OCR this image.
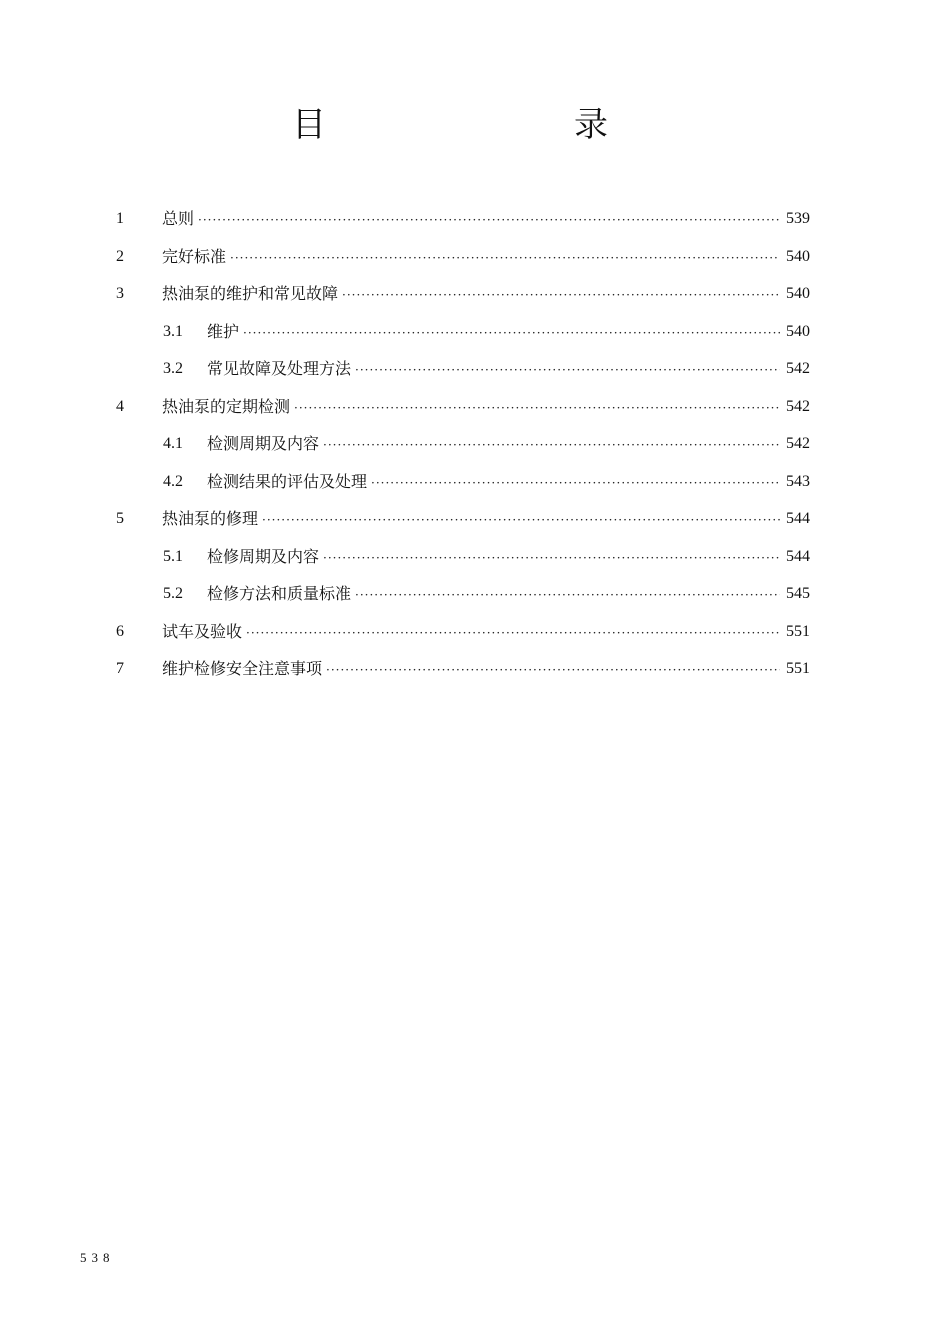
目	录
1 总则 ·····	539
2 完好标准 ·····	540
3 热油泵的维护和常见故障 ·····	540
3.1 维护 ·····	540
3.2 常见故障及处理方法 ·····	542
4 热油泵的定期检测 ·····	542
4.1 检测周期及内容 ·····	542
4.2 检测结果的评估及处理 ·····	543
5 热油泵的修理 ·····	544
5.1 检修周期及内容 ·····	544
5.2 检修方法和质量标准 ·····	545
6 试车及验收 ·····	551
7 维护检修安全注意事项 ·····	551
538
